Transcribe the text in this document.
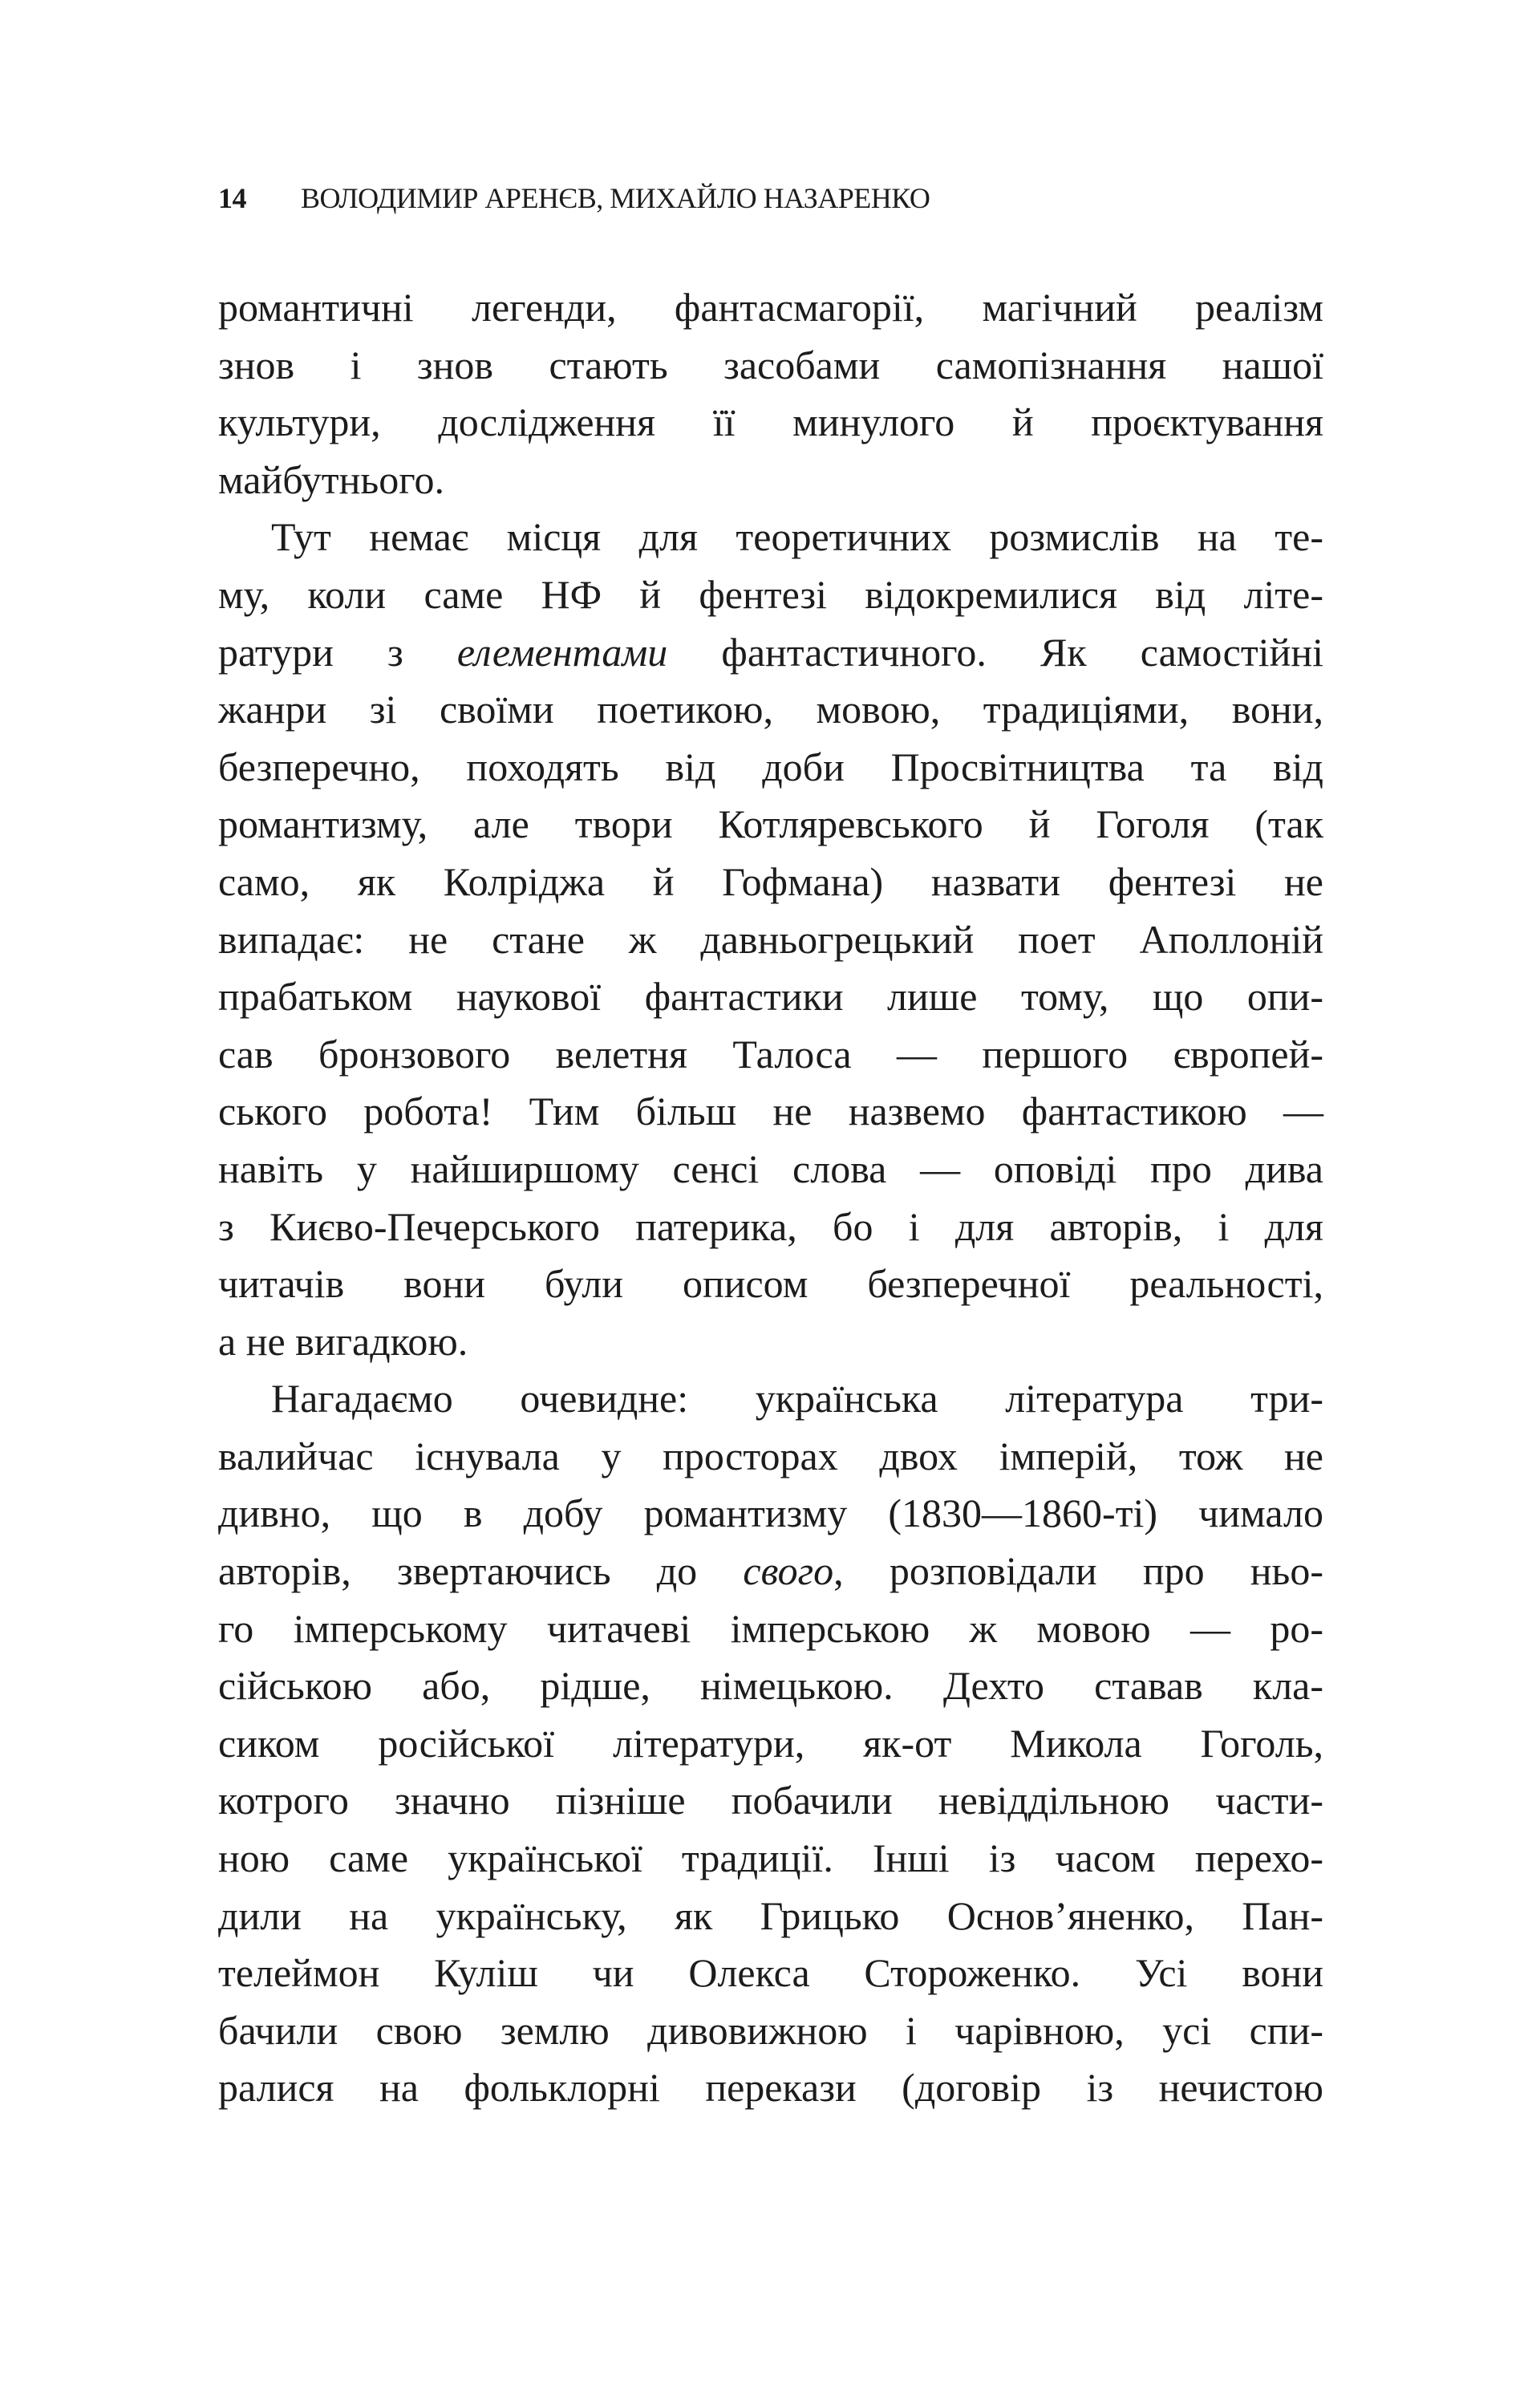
14 ВОЛОДИМИР АРЕНЄВ, МИХАЙЛО НАЗАРЕНКО
романтичні легенди, фантасмагорії, магічний реалізм
знов і знов стають засобами самопізнання нашої
культури, дослідження її минулого й проєктування
майбутнього.
Тут немає місця для теоретичних розмислів на те-
му, коли саме НФ й фентезі відокремилися від літе-
ратури з елементами фантастичного. Як самостійні
жанри зі своїми поетикою, мовою, традиціями, вони,
безперечно, походять від доби Просвітництва та від
романтизму, але твори Котляревського й Гоголя (так
само, як Колріджа й Гофмана) назвати фентезі не
випадає: не стане ж давньогрецький поет Аполлоній
прабатьком наукової фантастики лише тому, що опи-
сав бронзового велетня Талоса — першого європей-
ського робота! Тим більш не назвемо фантастикою —
навіть у найширшому сенсі слова — оповіді про дива
з Києво-Печерського патерика, бо і для авторів, і для
читачів вони були описом безперечної реальності,
а не вигадкою.
Нагадаємо очевидне: українська література три-
валийчас існувала у просторах двох імперій, тож не
дивно, що в добу романтизму (1830—1860-ті) чимало
авторів, звертаючись до свого, розповідали про ньо-
го імперському читачеві імперською ж мовою — ро-
сійською або, рідше, німецькою. Дехто ставав кла-
сиком російської літератури, як-от Микола Гоголь,
котрого значно пізніше побачили невіддільною части-
ною саме української традиції. Інші із часом перехо-
дили на українську, як Грицько Основ’яненко, Пан-
телеймон Куліш чи Олекса Стороженко. Усі вони
бачили свою землю дивовижною і чарівною, усі спи-
ралися на фольклорні перекази (договір із нечистою
